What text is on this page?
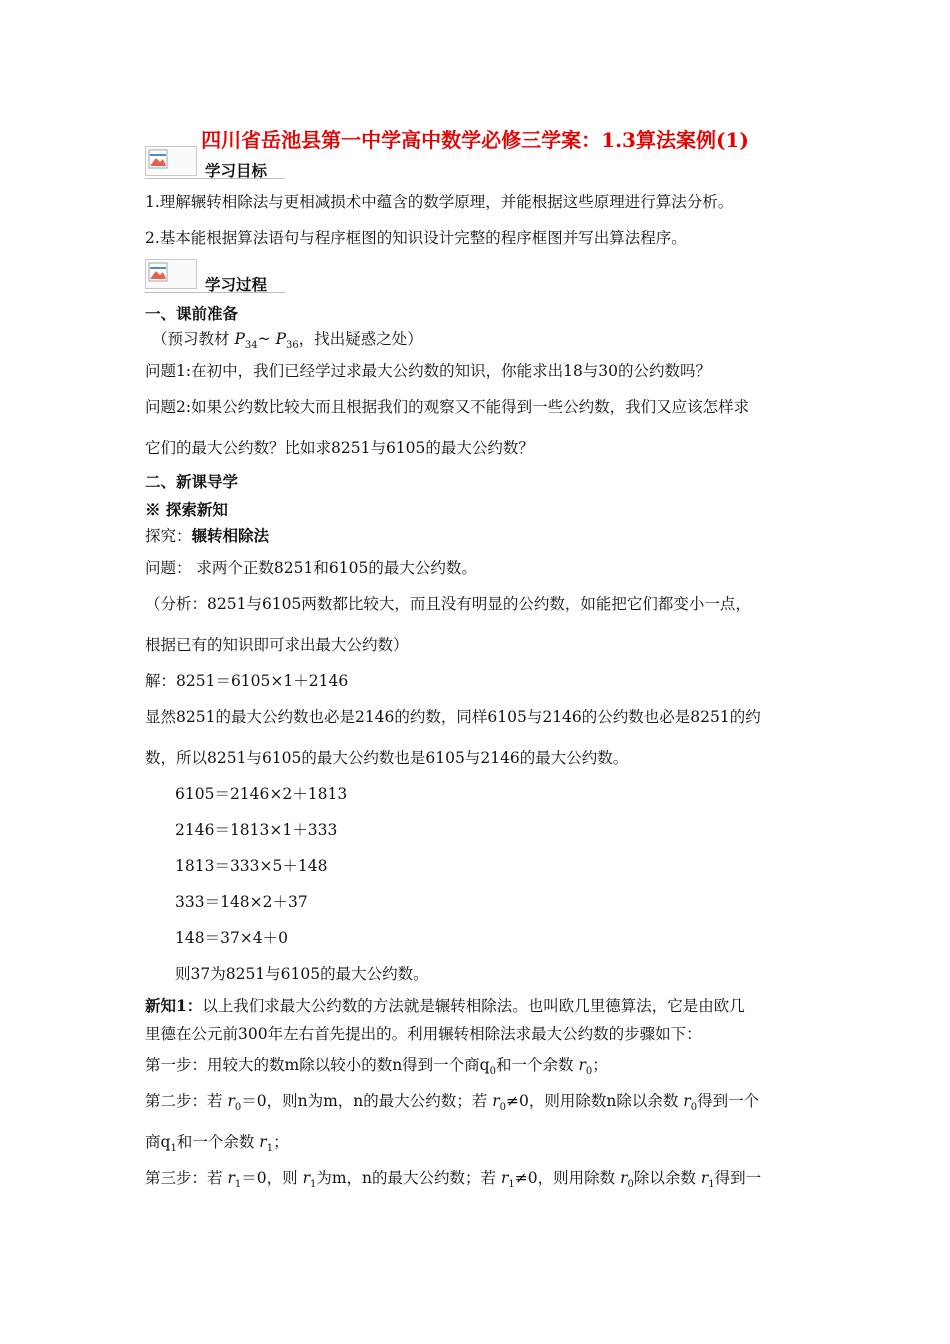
四川省岳池县第一中学高中数学必修三学案：1.3算法案例(1)
学习目标
1.理解辗转相除法与更相减损术中蕴含的数学原理，并能根据这些原理进行算法分析。
2.基本能根据算法语句与程序框图的知识设计完整的程序框图并写出算法程序。
学习过程
一、课前准备
（预习教材 $P_{34}\sim$ $P_{36}$，找出疑惑之处）
问题1:在初中，我们已经学过求最大公约数的知识，你能求出18与30的公约数吗？
问题2:如果公约数比较大而且根据我们的观察又不能得到一些公约数，我们又应该怎样求
它们的最大公约数？比如求8251与6105的最大公约数？
二、新课导学
※ 探索新知
探究：辗转相除法
问题： 求两个正数8251和6105的最大公约数。
（分析：8251与6105两数都比较大，而且没有明显的公约数，如能把它们都变小一点，
根据已有的知识即可求出最大公约数）
解：8251＝6105×1＋2146
显然8251的最大公约数也必是2146的约数，同样6105与2146的公约数也必是8251的约
数，所以8251与6105的最大公约数也是6105与2146的最大公约数。
6105＝2146×2＋1813
2146＝1813×1＋333
1813＝333×5＋148
333＝148×2＋37
148＝37×4＋0
则37为8251与6105的最大公约数。
新知1：以上我们求最大公约数的方法就是辗转相除法。也叫欧几里德算法，它是由欧几
里德在公元前300年左右首先提出的。利用辗转相除法求最大公约数的步骤如下：
第一步：用较大的数m除以较小的数n得到一个商$q_0$和一个余数 $r_0$；
第二步：若 $r_0=0$，则n为m，n的最大公约数；若 $r_0\ne 0$，则用除数n除以余数 $r_0$得到一个
商$q_1$和一个余数 $r_1$；
第三步：若 $r_1=0$，则 $r_1$为m，n的最大公约数；若 $r_1\ne 0$，则用除数 $r_0$除以余数 $r_1$得到一
